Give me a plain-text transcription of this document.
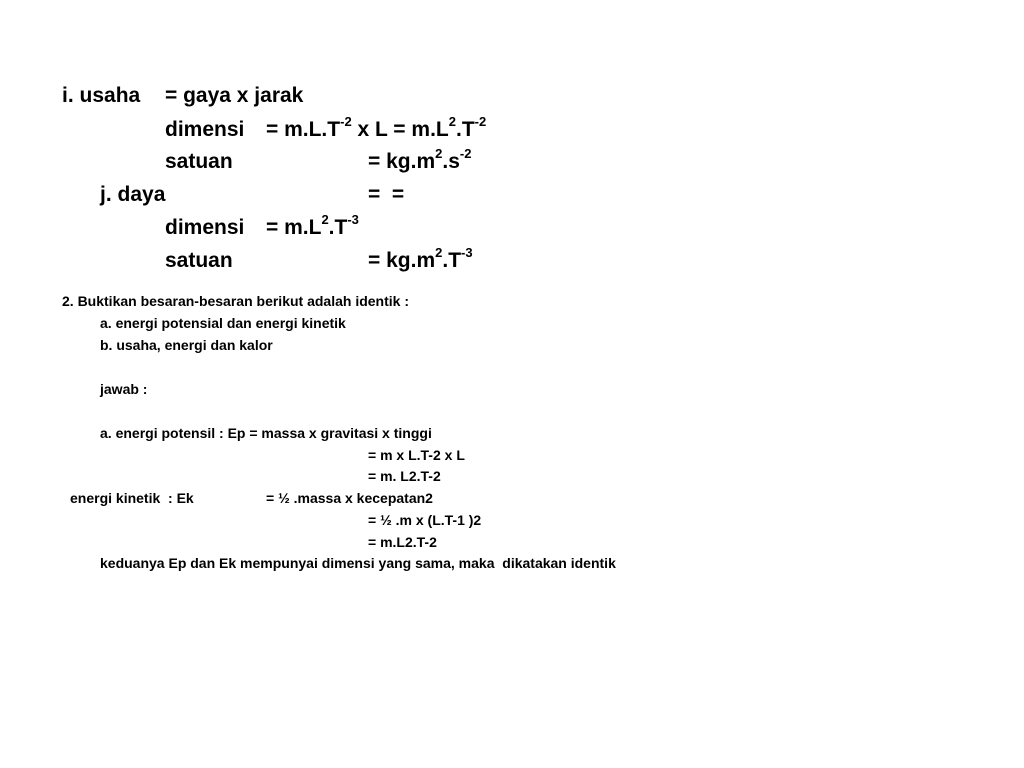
i. usaha = gaya x jarak
dimensi = $m.L.T^{-2}$ x $L = m.L^2.T^{-2}$
satuan	= $kg.m^2.s^{-2}$
j. daya	=  =
dimensi = $m.L^2.T^{-3}$
satuan	= $kg.m^2.T^{-3}$
2. Buktikan besaran-besaran berikut adalah identik :
a. energi potensial dan energi kinetik
b. usaha, energi dan kalor
jawab :
a. energi potensil : Ep = massa x gravitasi x tinggi
= m x L.T-2 x L
= m. L2.T-2
energi kinetik  : Ek	= ½ .massa x kecepatan2
= ½ .m x (L.T-1 )2
= m.L2.T-2
keduanya Ep dan Ek mempunyai dimensi yang sama, maka  dikatakan identik
